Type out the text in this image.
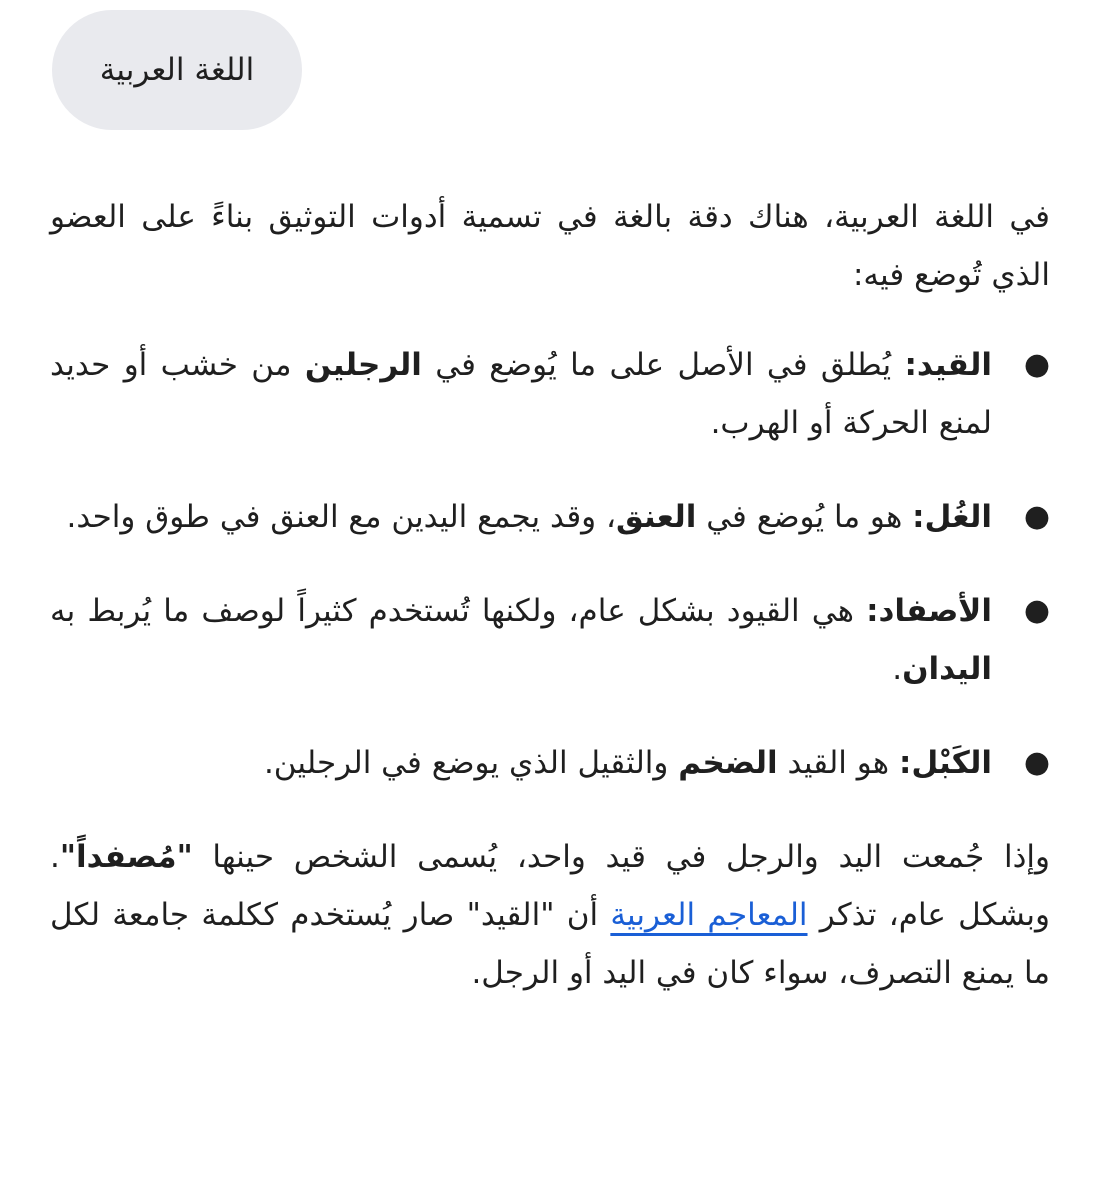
اللغة العربية

في اللغة العربية، هناك دقة بالغة في تسمية أدوات التوثيق بناءً على العضو الذي تُوضع فيه:

●
القيد: يُطلق في الأصل على ما يُوضع في الرجلين من خشب أو حديد لمنع الحركة أو الهرب.
●
الغُل: هو ما يُوضع في العنق، وقد يجمع اليدين مع العنق في طوق واحد.
●
الأصفاد: هي القيود بشكل عام، ولكنها تُستخدم كثيراً لوصف ما يُربط به اليدان.
●
الكَبْل: هو القيد الضخم والثقيل الذي يوضع في الرجلين.

وإذا جُمعت اليد والرجل في قيد واحد، يُسمى الشخص حينها "مُصفداً". وبشكل عام، تذكر المعاجم العربية أن "القيد" صار يُستخدم ككلمة جامعة لكل ما يمنع التصرف، سواء كان في اليد أو الرجل.
